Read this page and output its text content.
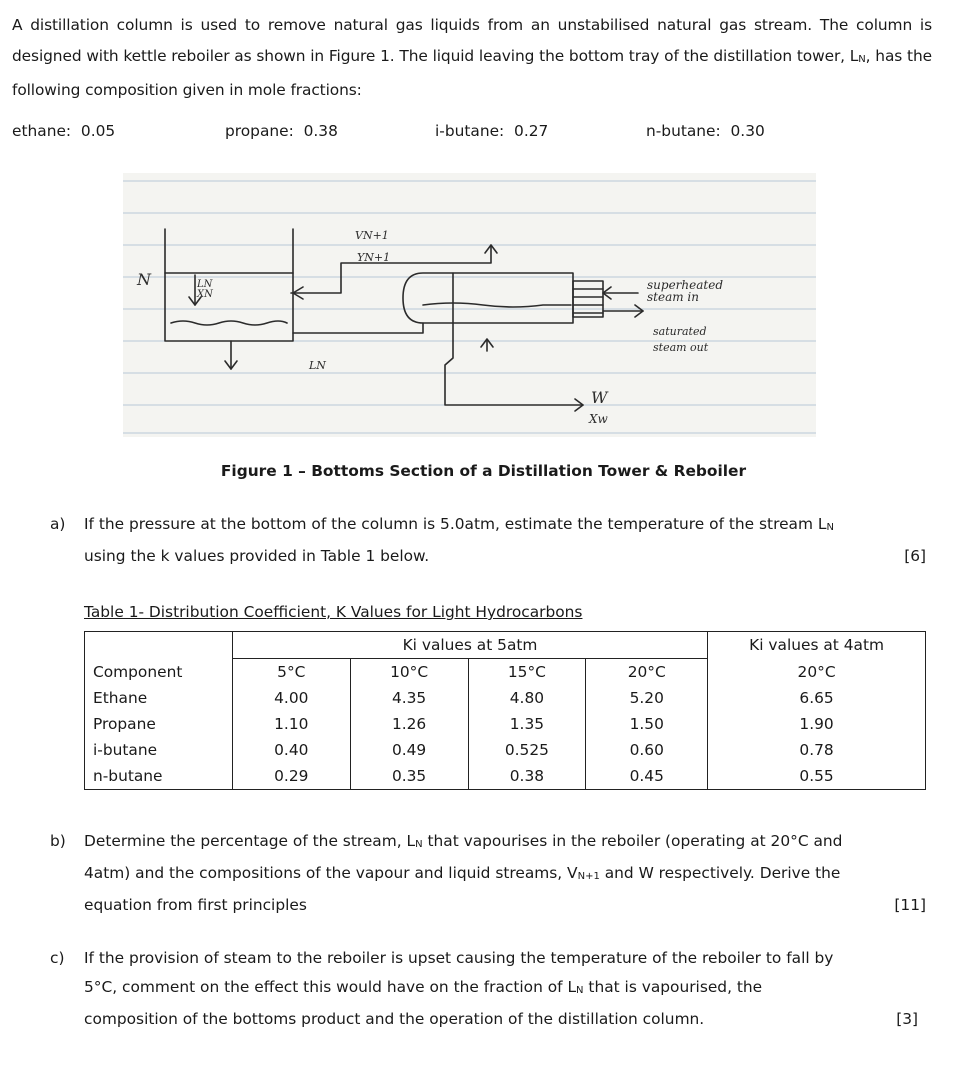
A distillation column is used to remove natural gas liquids from an unstabilised natural gas stream. The column is designed with kettle reboiler as shown in Figure 1. The liquid leaving the bottom tray of the distillation tower, $L_N$, has the following composition given in mole fractions:
ethane: 0.05	propane: 0.38	i-butane: 0.27	n-butane: 0.30
N	LN
XN
VN+1
YN+1
LN
superheated
steam in
saturated
steam out
W
Xw
Figure 1 – Bottoms Section of a Distillation Tower & Reboiler
a) If the pressure at the bottom of the column is 5.0atm, estimate the temperature of the stream $L_N$
using the k values provided in Table 1 below.	[6]
Table 1- Distribution Coefficient, K Values for Light Hydrocarbons
	Ki values at 5atm				Ki values at 4atm
Component	5°C	10°C	15°C	20°C	20°C
Ethane	4.00	4.35	4.80	5.20	6.65
Propane	1.10	1.26	1.35	1.50	1.90
i-butane	0.40	0.49	0.525	0.60	0.78
n-butane	0.29	0.35	0.38	0.45	0.55
b) Determine the percentage of the stream, $L_N$ that vapourises in the reboiler (operating at 20°C and
4atm) and the compositions of the vapour and liquid streams, $V_{N+1}$ and W respectively. Derive the
equation from first principles	[11]
c) If the provision of steam to the reboiler is upset causing the temperature of the reboiler to fall by
5°C, comment on the effect this would have on the fraction of $L_N$ that is vapourised, the
composition of the bottoms product and the operation of the distillation column.	[3]
